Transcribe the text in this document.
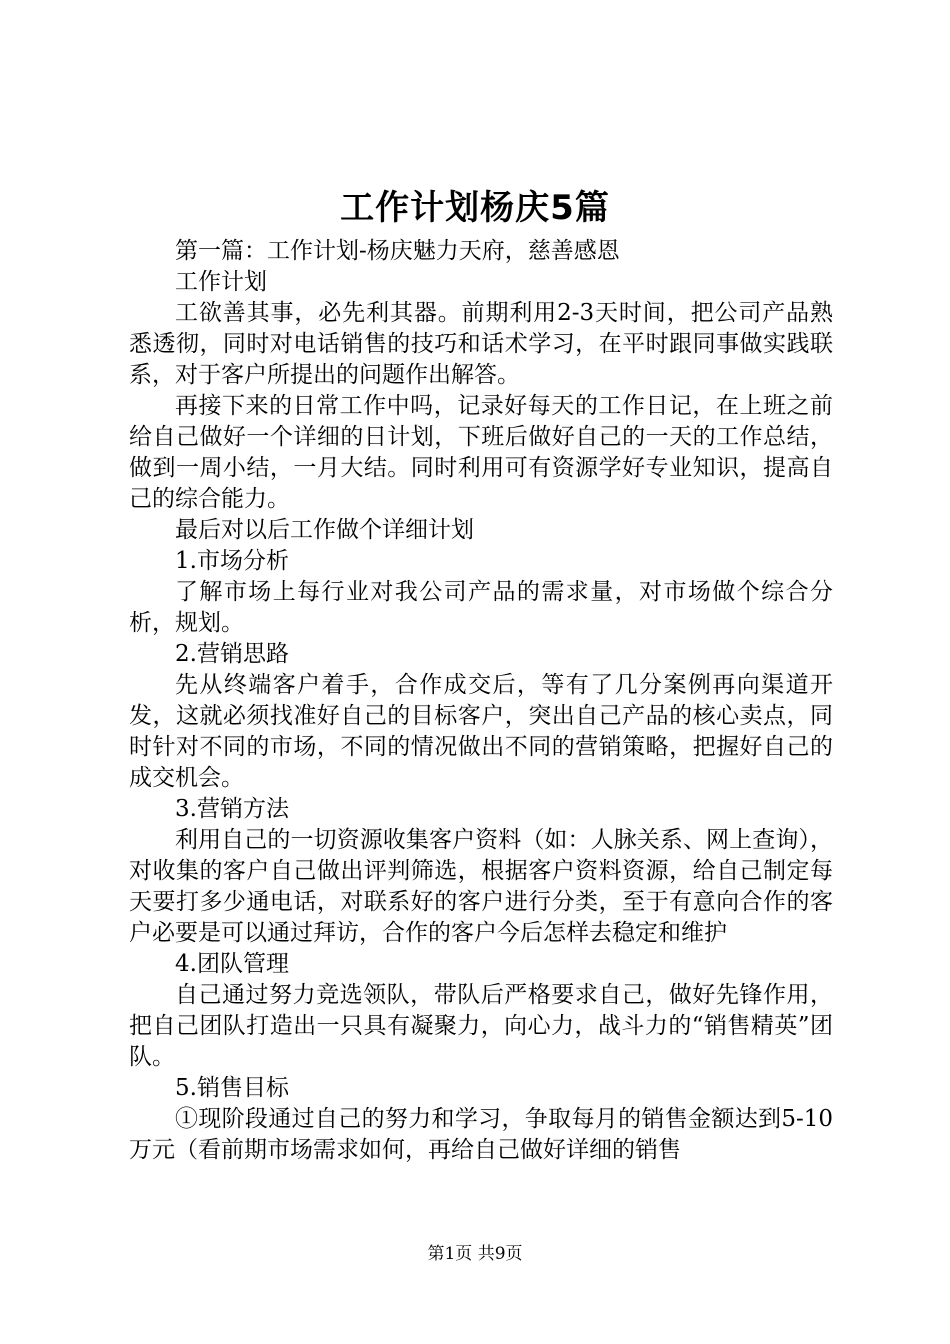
工作计划杨庆5篇

第一篇：工作计划-杨庆魅力天府，慈善感恩

工作计划

工欲善其事，必先利其器。前期利用2-3天时间，把公司产品熟悉透彻，同时对电话销售的技巧和话术学习，在平时跟同事做实践联系，对于客户所提出的问题作出解答。

再接下来的日常工作中吗，记录好每天的工作日记，在上班之前给自己做好一个详细的日计划，下班后做好自己的一天的工作总结，做到一周小结，一月大结。同时利用可有资源学好专业知识，提高自己的综合能力。

最后对以后工作做个详细计划

1.市场分析

了解市场上每行业对我公司产品的需求量，对市场做个综合分析，规划。

2.营销思路

先从终端客户着手，合作成交后，等有了几分案例再向渠道开发，这就必须找准好自己的目标客户，突出自己产品的核心卖点，同时针对不同的市场，不同的情况做出不同的营销策略，把握好自己的成交机会。

3.营销方法

利用自己的一切资源收集客户资料（如：人脉关系、网上查询），对收集的客户自己做出评判筛选，根据客户资料资源，给自己制定每天要打多少通电话，对联系好的客户进行分类，至于有意向合作的客户必要是可以通过拜访，合作的客户今后怎样去稳定和维护

4.团队管理

自己通过努力竞选领队，带队后严格要求自己，做好先锋作用，把自己团队打造出一只具有凝聚力，向心力，战斗力的“销售精英”团队。

5.销售目标

①现阶段通过自己的努力和学习，争取每月的销售金额达到5-10万元（看前期市场需求如何，再给自己做好详细的销售

第1页 共9页
